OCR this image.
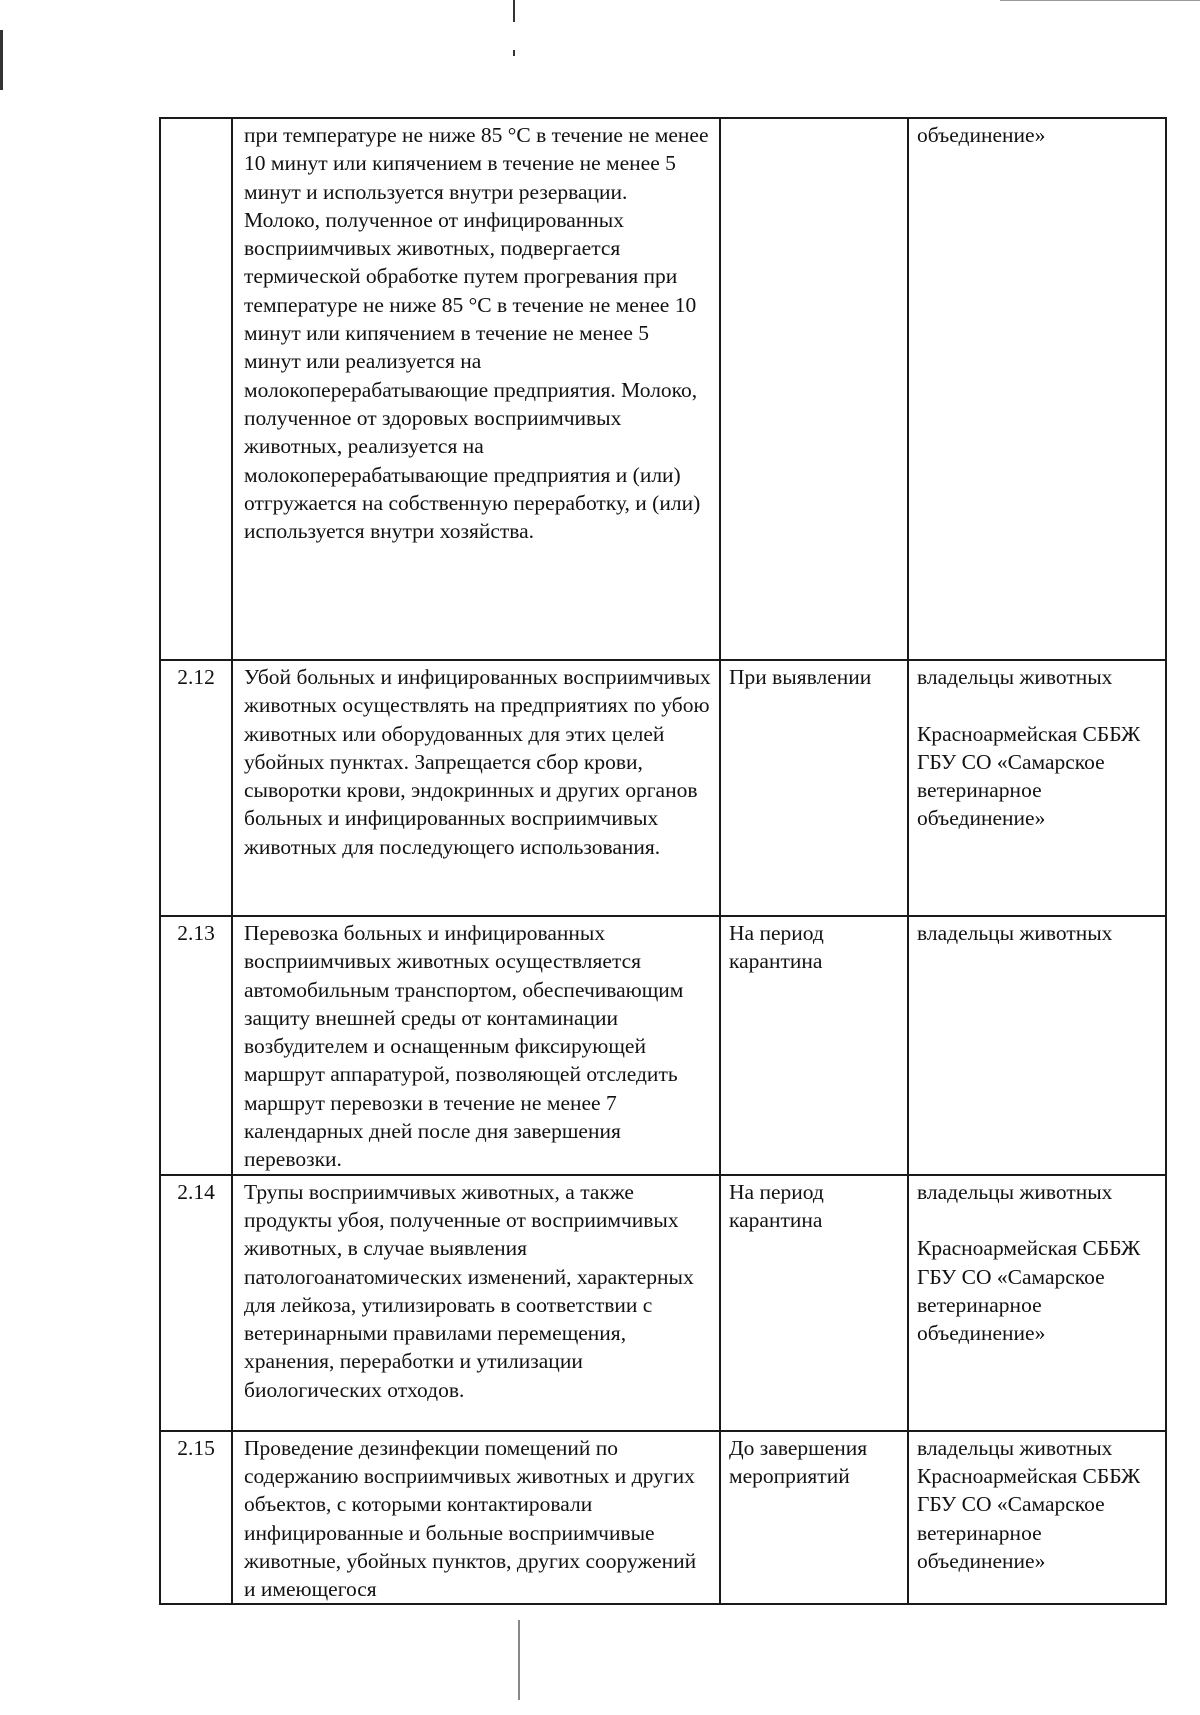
	при температуре не ниже 85 °С в течение не менее 10 минут или кипячением в течение не менее 5 минут и используется внутри резервации.
Молоко, полученное от инфицированных восприимчивых животных, подвергается термической обработке путем прогревания при температуре не ниже 85 °С в течение не менее 10 минут или кипячением в течение не менее 5 минут или реализуется на молокоперерабатывающие предприятия. Молоко, полученное от здоровых восприимчивых животных, реализуется на молокоперерабатывающие предприятия и (или) отгружается на собственную переработку, и (или) используется внутри хозяйства.		объединение»

2.12	Убой больных и инфицированных восприимчивых животных осуществлять на предприятиях по убою животных или оборудованных для этих целей убойных пунктах. Запрещается сбор крови, сыворотки крови, эндокринных и других органов больных и инфицированных восприимчивых животных для последующего использования.	При выявлении	владельцы животных

Красноармейская СББЖ ГБУ СО «Самарское ветеринарное объединение»

2.13	Перевозка больных и инфицированных восприимчивых животных осуществляется автомобильным транспортом, обеспечивающим защиту внешней среды от контаминации возбудителем и оснащенным фиксирующей маршрут аппаратурой, позволяющей отследить маршрут перевозки в течение не менее 7 календарных дней после дня завершения перевозки.	На период карантина	владельцы животных

2.14	Трупы восприимчивых животных, а также продукты убоя, полученные от восприимчивых животных, в случае выявления патологоанатомических изменений, характерных для лейкоза, утилизировать в соответствии с ветеринарными правилами перемещения, хранения, переработки и утилизации биологических отходов.	На период карантина	владельцы животных

Красноармейская СББЖ ГБУ СО «Самарское ветеринарное объединение»

2.15	Проведение дезинфекции помещений по содержанию восприимчивых животных и других объектов, с которыми контактировали инфицированные и больные восприимчивые животные, убойных пунктов, других сооружений и имеющегося	До завершения мероприятий	владельцы животных Красноармейская СББЖ ГБУ СО «Самарское ветеринарное объединение»
